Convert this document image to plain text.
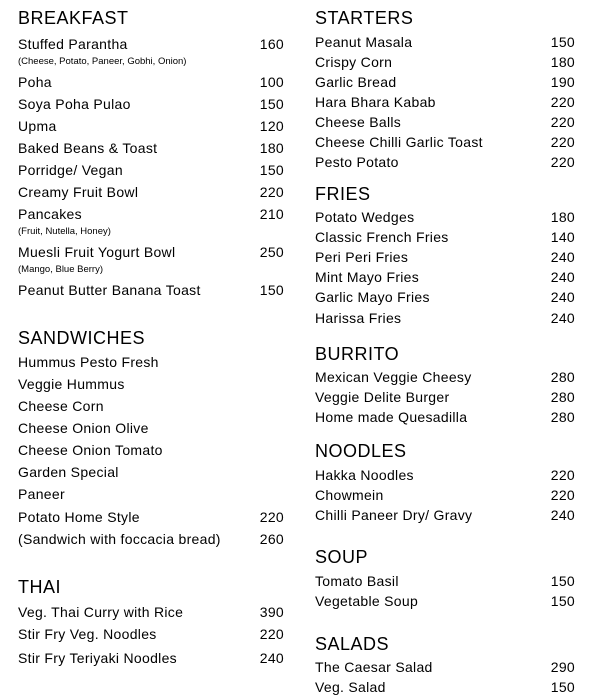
BREAKFAST
Stuffed Parantha	160
(Cheese, Potato, Paneer, Gobhi, Onion)
Poha	100
Soya Poha Pulao	150
Upma	120
Baked Beans & Toast	180
Porridge/ Vegan	150
Creamy Fruit Bowl	220
Pancakes	210
(Fruit, Nutella, Honey)
Muesli Fruit Yogurt Bowl	250
(Mango, Blue Berry)
Peanut Butter Banana Toast	150
SANDWICHES
Hummus Pesto Fresh
Veggie Hummus
Cheese Corn
Cheese Onion Olive
Cheese Onion Tomato
Garden Special
Paneer
Potato Home Style	220
(Sandwich with foccacia bread)	260
THAI
Veg. Thai Curry with Rice	390
Stir Fry Veg. Noodles	220
Stir Fry Teriyaki Noodles	240
STARTERS
Peanut Masala	150
Crispy Corn	180
Garlic Bread	190
Hara Bhara Kabab	220
Cheese Balls	220
Cheese Chilli Garlic Toast	220
Pesto Potato	220
FRIES
Potato Wedges	180
Classic French Fries	140
Peri Peri Fries	240
Mint Mayo Fries	240
Garlic Mayo Fries	240
Harissa Fries	240
BURRITO
Mexican Veggie Cheesy	280
Veggie Delite Burger	280
Home made Quesadilla	280
NOODLES
Hakka Noodles	220
Chowmein	220
Chilli Paneer Dry/ Gravy	240
SOUP
Tomato Basil	150
Vegetable Soup	150
SALADS
The Caesar Salad	290
Veg. Salad	150
